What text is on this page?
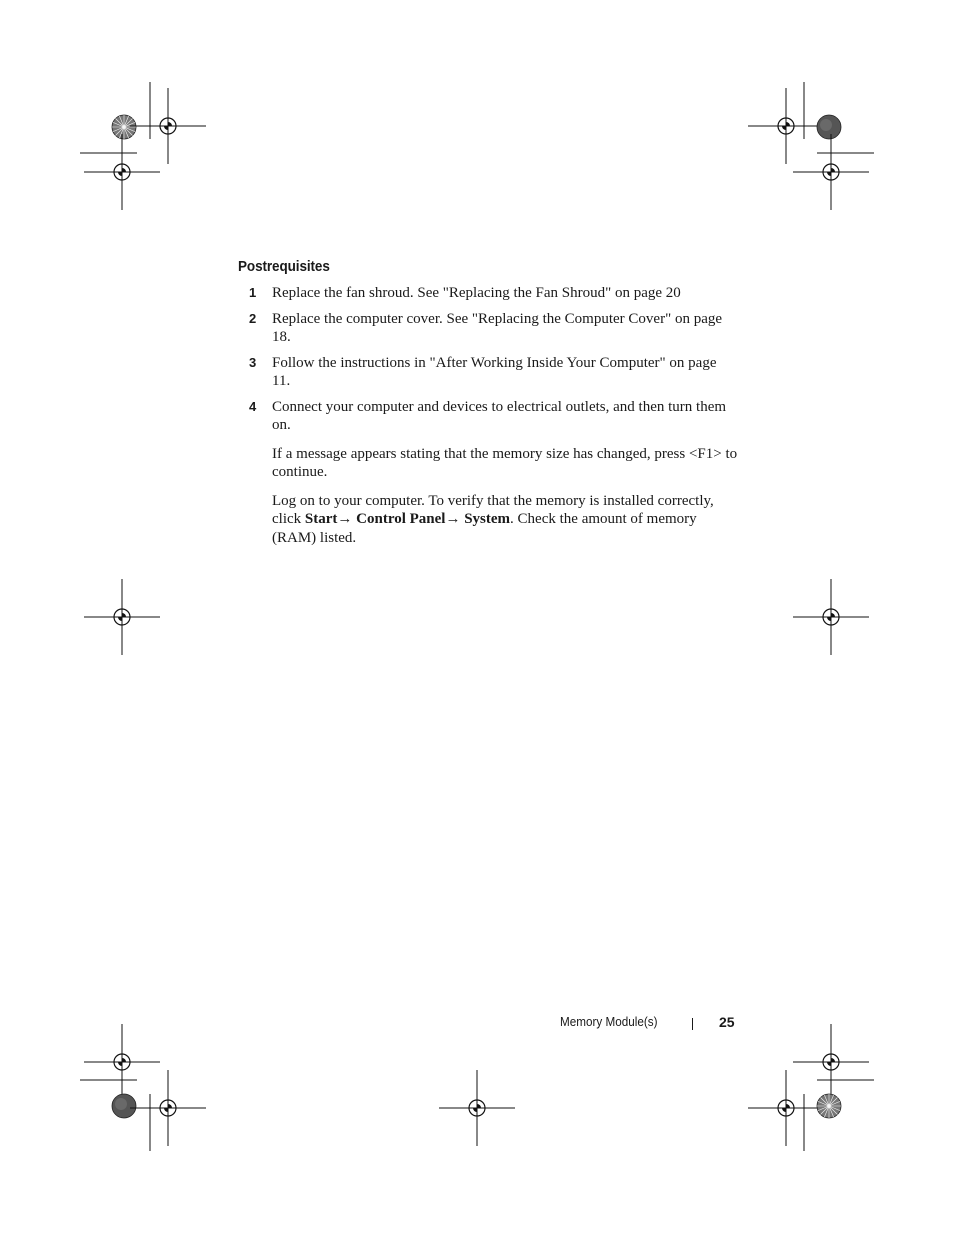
Postrequisites
1 Replace the fan shroud. See "Replacing the Fan Shroud" on page 20
2 Replace the computer cover. See "Replacing the Computer Cover" on page 18.
3 Follow the instructions in "After Working Inside Your Computer" on page 11.
4 Connect your computer and devices to electrical outlets, and then turn them on.
If a message appears stating that the memory size has changed, press <F1> to continue.
Log on to your computer. To verify that the memory is installed correctly, click Start→ Control Panel→ System. Check the amount of memory (RAM) listed.
Memory Module(s)	25
